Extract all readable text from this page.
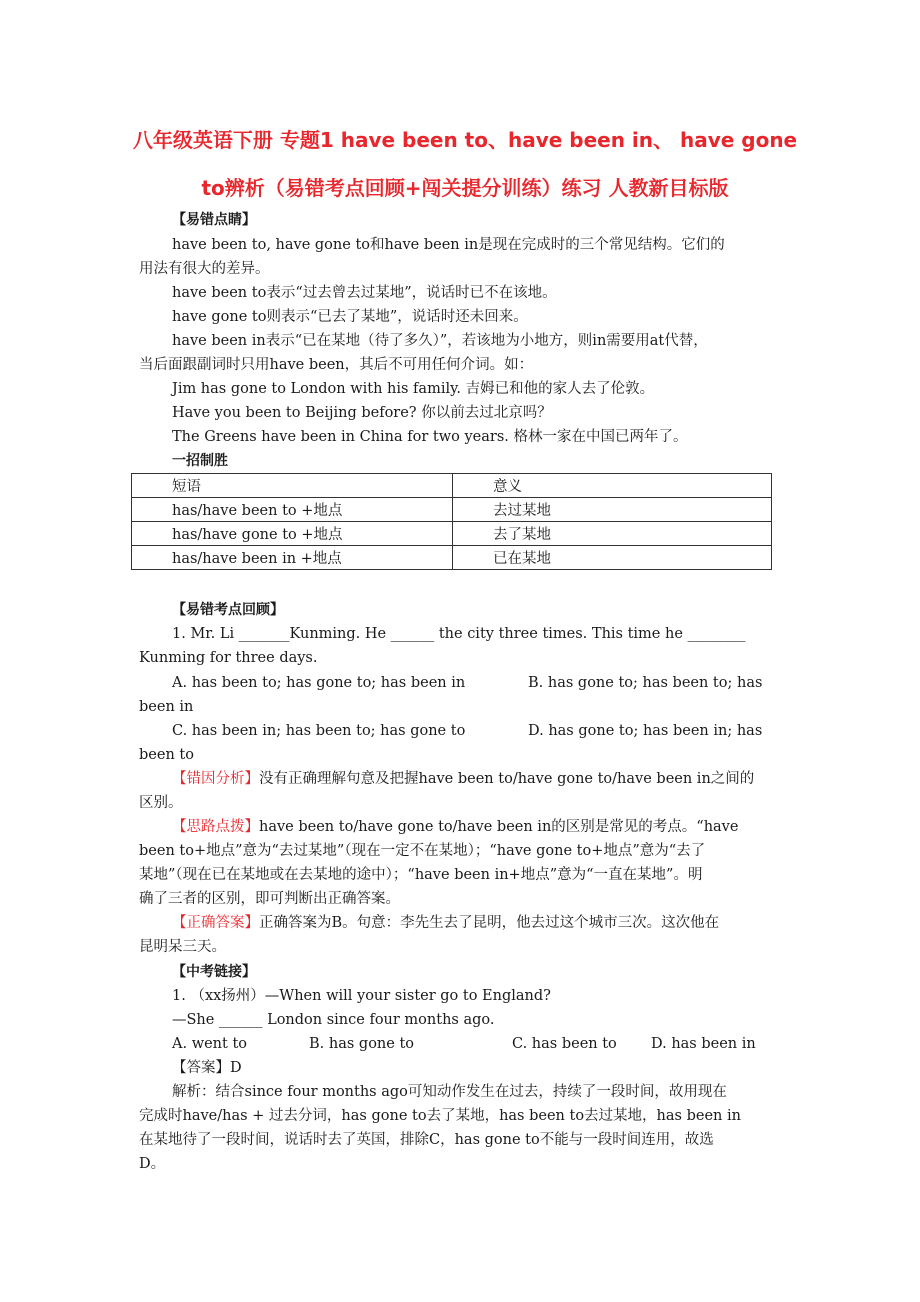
八年级英语下册 专题1 have been to、have been in、 have gone
to辨析（易错考点回顾+闯关提分训练）练习 人教新目标版
【易错点睛】
have been to, have gone to和have been in是现在完成时的三个常见结构。它们的
用法有很大的差异。
have been to表示“过去曾去过某地”，说话时已不在该地。
have gone to则表示“已去了某地”，说话时还未回来。
have been in表示“已在某地（待了多久）”，若该地为小地方，则in需要用at代替，
当后面跟副词时只用have been，其后不可用任何介词。如：
Jim has gone to London with his family. 吉姆已和他的家人去了伦敦。
Have you been to Beijing before? 你以前去过北京吗？
The Greens have been in China for two years. 格林一家在中国已两年了。
一招制胜
短语	意义
has/have been to +地点	去过某地
has/have gone to +地点	去了某地
has/have been in +地点	已在某地
【易错考点回顾】
1. Mr. Li _______Kunming. He ______ the city three times. This time he ________
Kunming for three days.
A. has been to; has gone to; has been in	B. has gone to; has been to; has
been in
C. has been in; has been to; has gone to	D. has gone to; has been in; has
been to
【错因分析】没有正确理解句意及把握have been to/have gone to/have been in之间的
区别。
【思路点拨】have been to/have gone to/have been in的区别是常见的考点。“have
been to+地点”意为“去过某地”（现在一定不在某地）；“have gone to+地点”意为“去了
某地”（现在已在某地或在去某地的途中）；“have been in+地点”意为“一直在某地”。明
确了三者的区别，即可判断出正确答案。
【正确答案】正确答案为B。句意：李先生去了昆明，他去过这个城市三次。这次他在
昆明呆三天。
【中考链接】
1. （xx扬州）—When will your sister go to England?
—She ______ London since four months ago.
A. went to	B. has gone to	C. has been to D. has been in
【答案】D
解析：结合since four months ago可知动作发生在过去，持续了一段时间，故用现在
完成时have/has + 过去分词，has gone to去了某地，has been to去过某地，has been in
在某地待了一段时间，说话时去了英国，排除C，has gone to不能与一段时间连用，故选
D。
